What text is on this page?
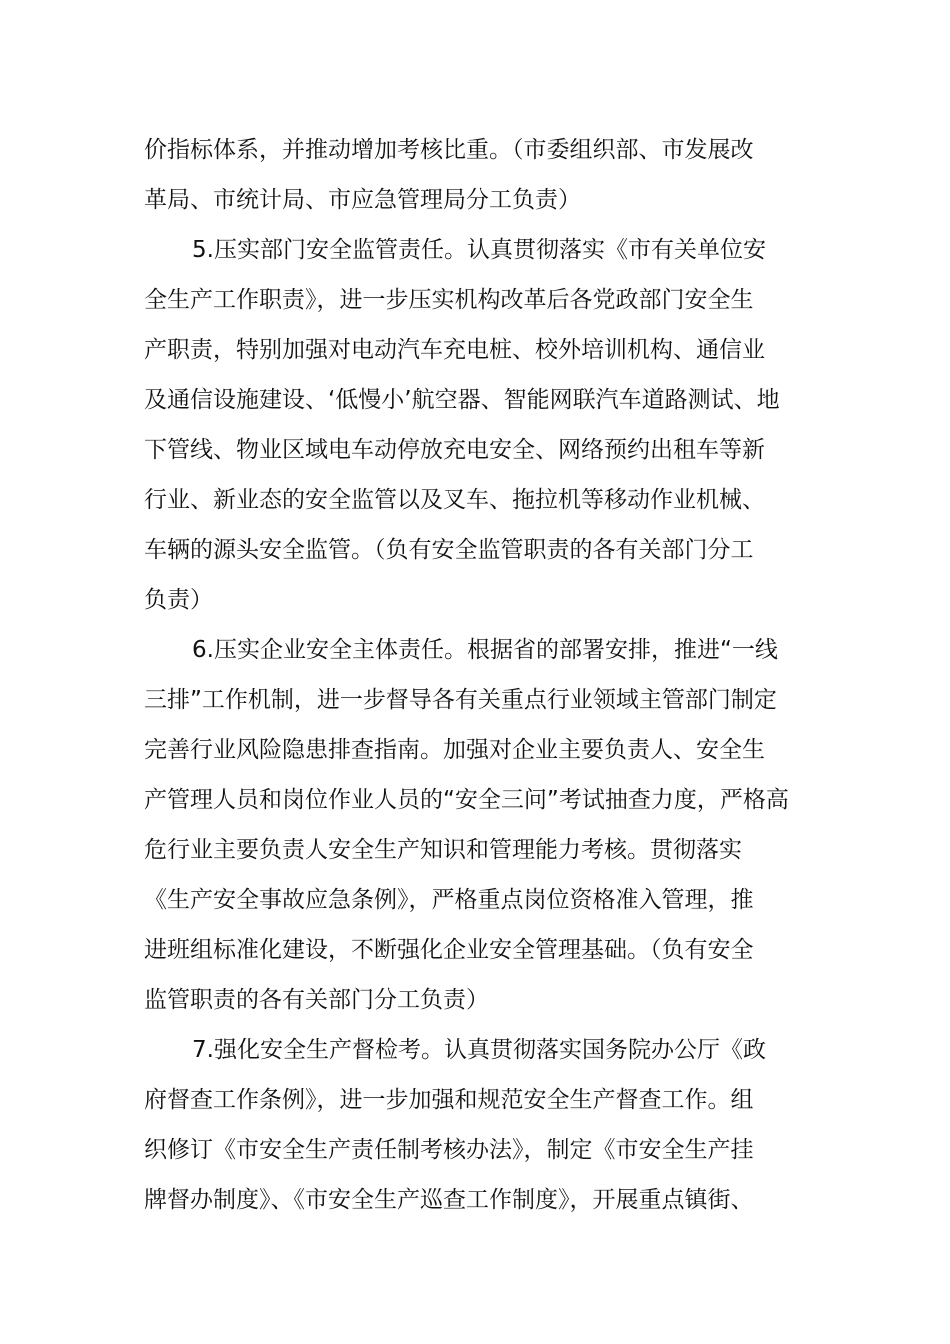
价指标体系，并推动增加考核比重。（市委组织部、市发展改
革局、市统计局、市应急管理局分工负责）
5.压实部门安全监管责任。认真贯彻落实《市有关单位安
全生产工作职责》，进一步压实机构改革后各党政部门安全生
产职责，特别加强对电动汽车充电桩、校外培训机构、通信业
及通信设施建设、‘低慢小’航空器、智能网联汽车道路测试、地
下管线、物业区域电车动停放充电安全、网络预约出租车等新
行业、新业态的安全监管以及叉车、拖拉机等移动作业机械、
车辆的源头安全监管。（负有安全监管职责的各有关部门分工
负责）
6.压实企业安全主体责任。根据省的部署安排，推进“一线
三排”工作机制，进一步督导各有关重点行业领域主管部门制定
完善行业风险隐患排查指南。加强对企业主要负责人、安全生
产管理人员和岗位作业人员的“安全三问”考试抽查力度，严格高
危行业主要负责人安全生产知识和管理能力考核。贯彻落实
《生产安全事故应急条例》，严格重点岗位资格准入管理，推
进班组标准化建设，不断强化企业安全管理基础。（负有安全
监管职责的各有关部门分工负责）
7.强化安全生产督检考。认真贯彻落实国务院办公厅《政
府督查工作条例》，进一步加强和规范安全生产督查工作。组
织修订《市安全生产责任制考核办法》，制定《市安全生产挂
牌督办制度》、《市安全生产巡查工作制度》，开展重点镇街、
